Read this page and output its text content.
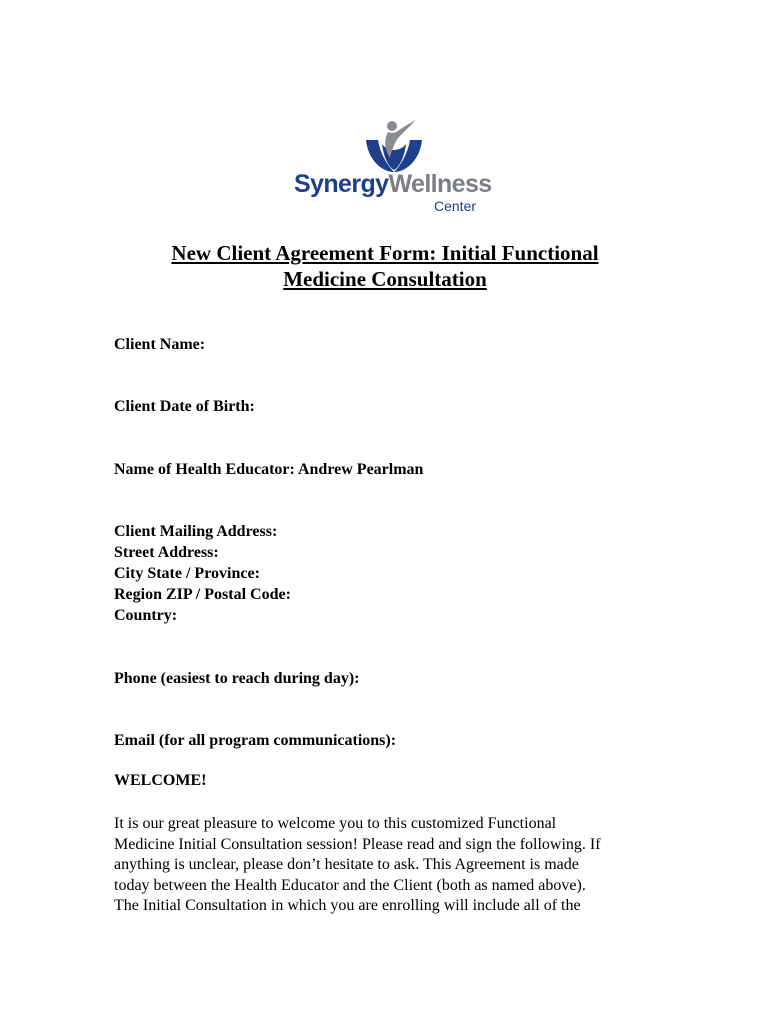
SynergyWellness
Center
New Client Agreement Form: Initial Functional
Medicine Consultation
Client Name:
Client Date of Birth:
Name of Health Educator: Andrew Pearlman
Client Mailing Address:
Street Address:
City State / Province:
Region ZIP / Postal Code:
Country:
Phone (easiest to reach during day):
Email (for all program communications):
WELCOME!
It is our great pleasure to welcome you to this customized Functional
Medicine Initial Consultation session! Please read and sign the following. If
anything is unclear, please don’t hesitate to ask. This Agreement is made
today between the Health Educator and the Client (both as named above).
The Initial Consultation in which you are enrolling will include all of the
